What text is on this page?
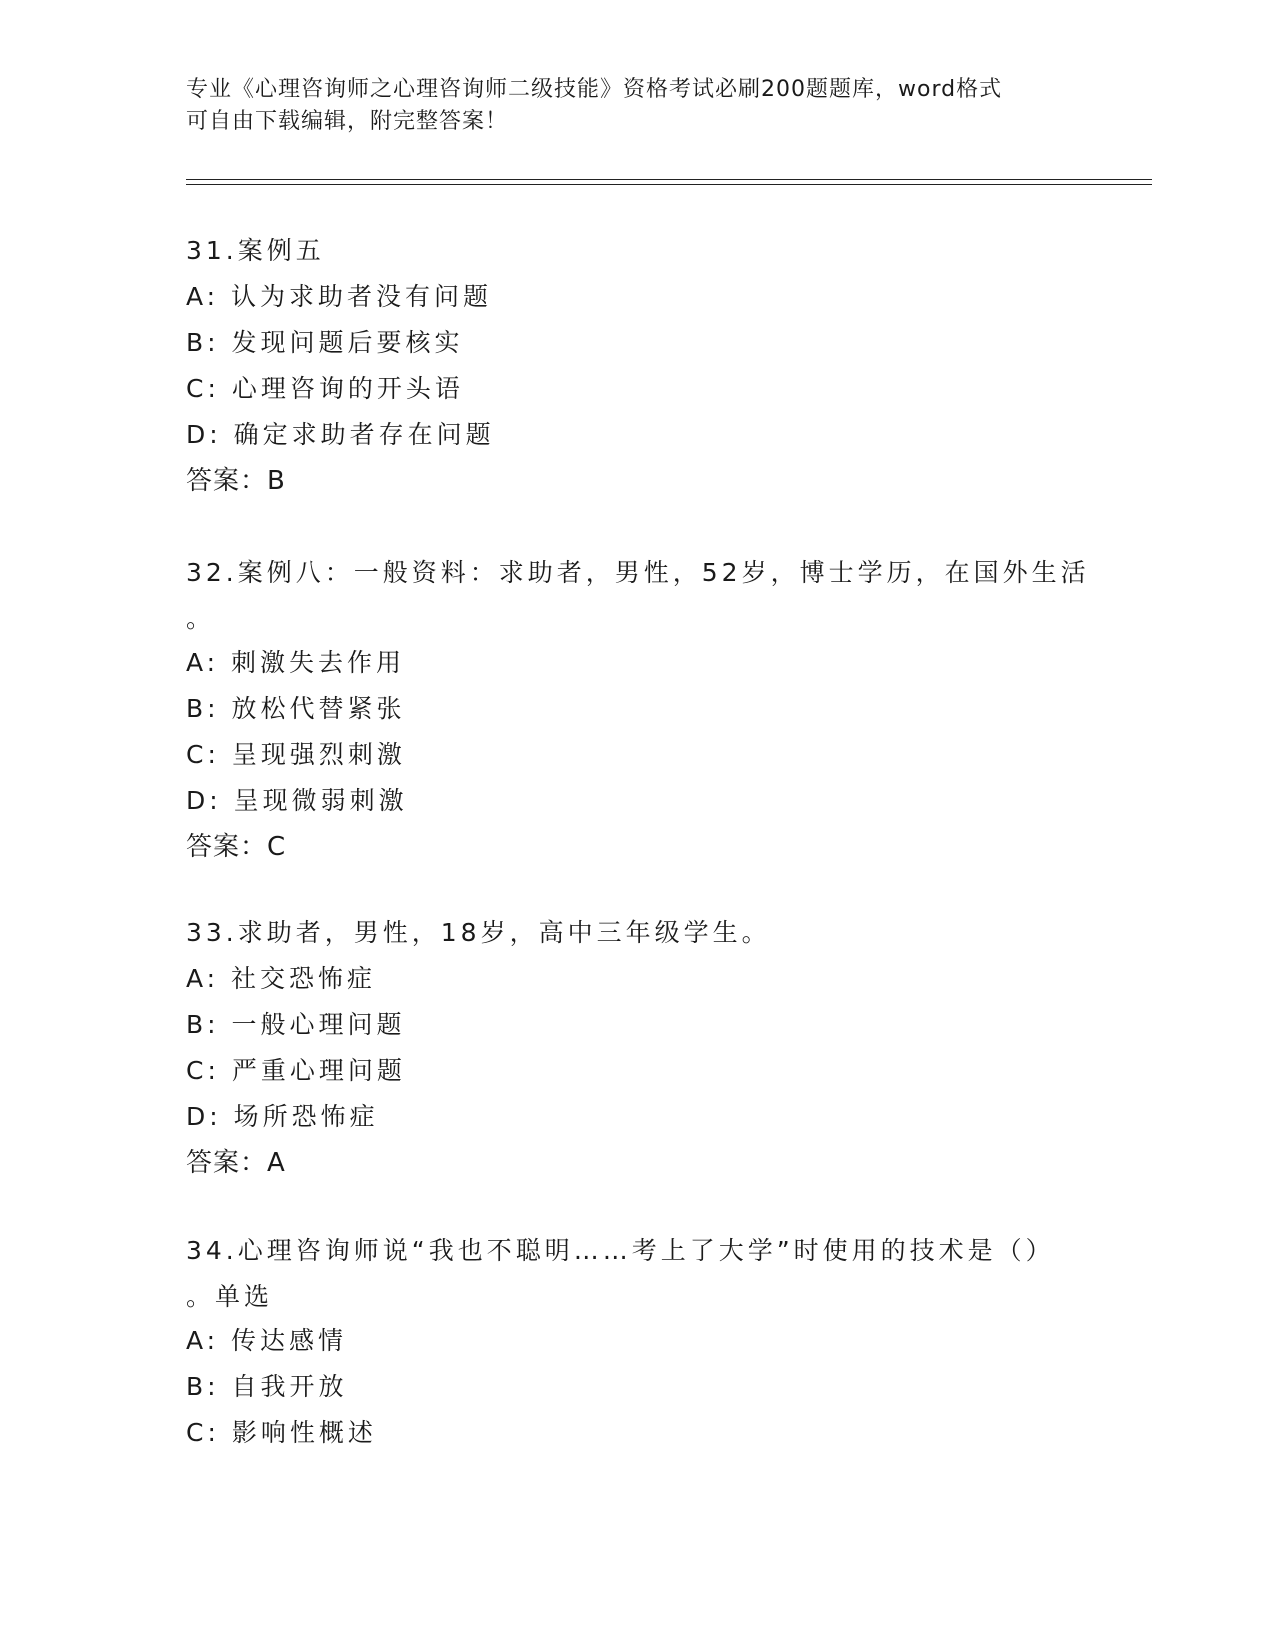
专业《心理咨询师之心理咨询师二级技能》资格考试必刷200题题库，word格式
可自由下载编辑，附完整答案！
31.案例五
A: 认为求助者没有问题
B: 发现问题后要核实
C: 心理咨询的开头语
D: 确定求助者存在问题
答案：B
32.案例八：一般资料：求助者，男性，52岁，博士学历，在国外生活
。
A: 刺激失去作用
B: 放松代替紧张
C: 呈现强烈刺激
D: 呈现微弱刺激
答案：C
33.求助者，男性，18岁，高中三年级学生。
A: 社交恐怖症
B: 一般心理问题
C: 严重心理问题
D: 场所恐怖症
答案：A
34.心理咨询师说“我也不聪明……考上了大学”时使用的技术是（）
。单选
A: 传达感情
B: 自我开放
C: 影响性概述
